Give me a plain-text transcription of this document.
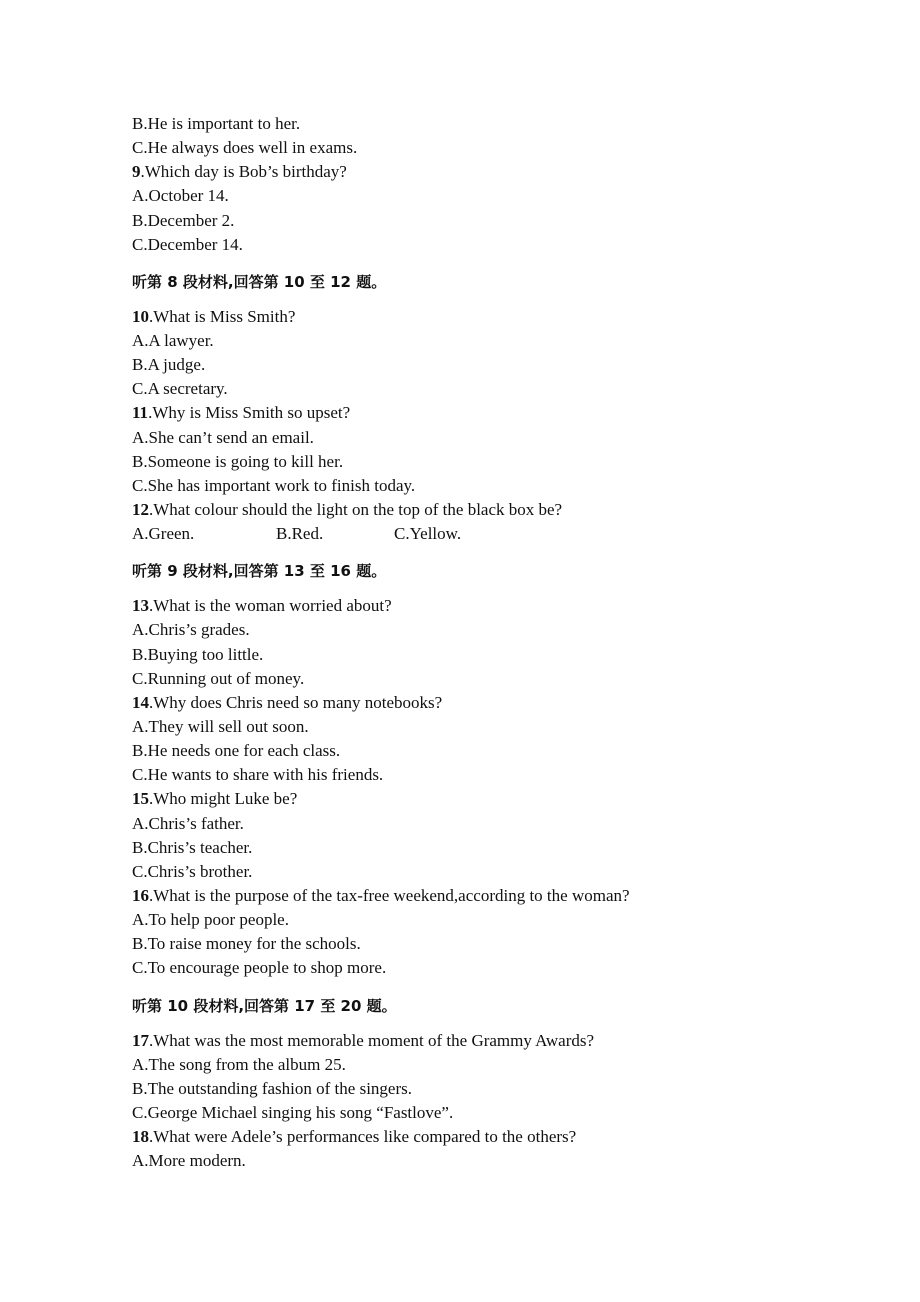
B.He is important to her.
C.He always does well in exams.
9.Which day is Bob’s birthday?
A.October 14.
B.December 2.
C.December 14.
听第 8 段材料,回答第 10 至 12 题。
10.What is Miss Smith?
A.A lawyer.
B.A judge.
C.A secretary.
11.Why is Miss Smith so upset?
A.She can’t send an email.
B.Someone is going to kill her.
C.She has important work to finish today.
12.What colour should the light on the top of the black box be?
A.Green.	B.Red.	C.Yellow.
听第 9 段材料,回答第 13 至 16 题。
13.What is the woman worried about?
A.Chris’s grades.
B.Buying too little.
C.Running out of money.
14.Why does Chris need so many notebooks?
A.They will sell out soon.
B.He needs one for each class.
C.He wants to share with his friends.
15.Who might Luke be?
A.Chris’s father.
B.Chris’s teacher.
C.Chris’s brother.
16.What is the purpose of the tax-free weekend,according to the woman?
A.To help poor people.
B.To raise money for the schools.
C.To encourage people to shop more.
听第 10 段材料,回答第 17 至 20 题。
17.What was the most memorable moment of the Grammy Awards?
A.The song from the album 25.
B.The outstanding fashion of the singers.
C.George Michael singing his song “Fastlove”.
18.What were Adele’s performances like compared to the others?
A.More modern.
